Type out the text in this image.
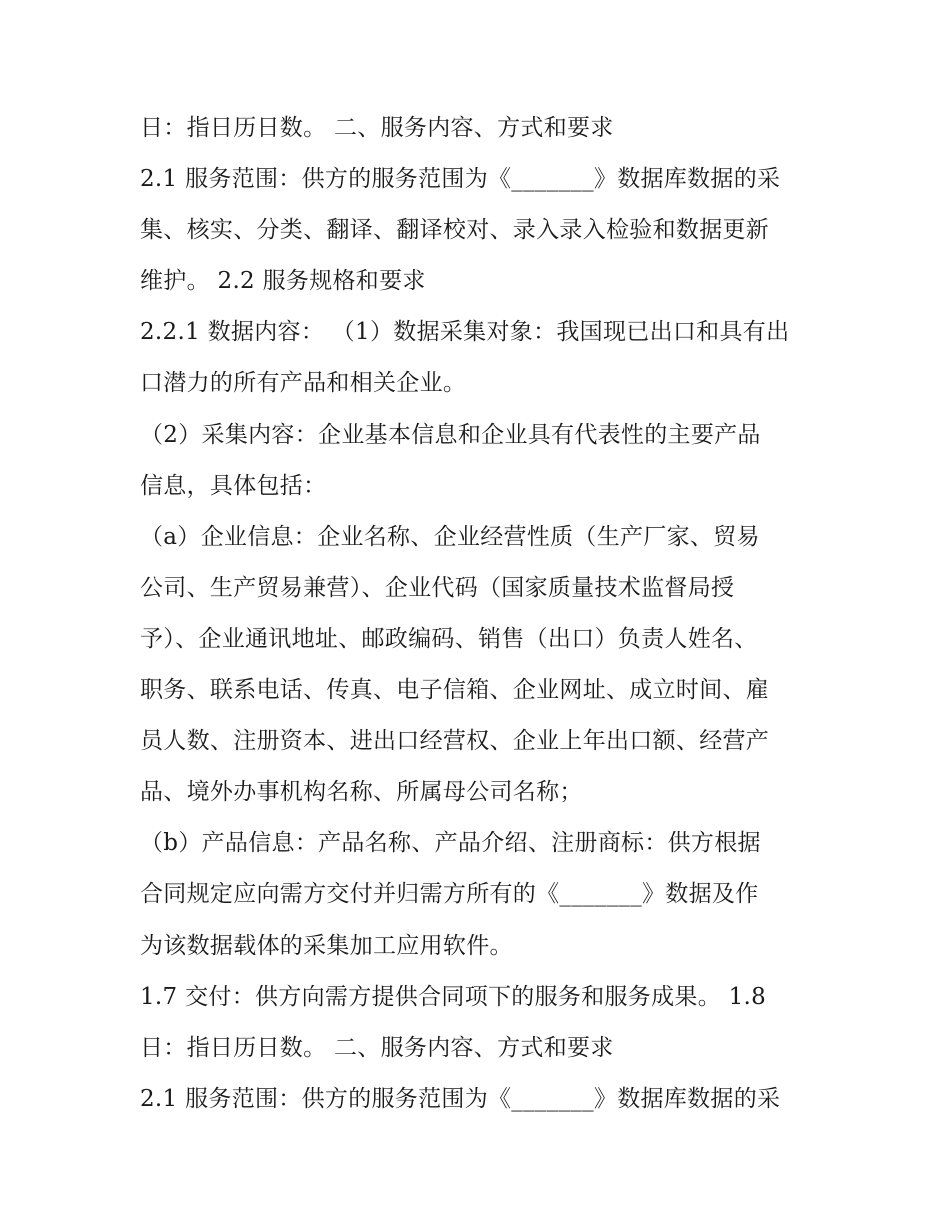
日：指日历日数。 二、服务内容、方式和要求
2.1 服务范围：供方的服务范围为《_______》数据库数据的采
集、核实、分类、翻译、翻译校对、录入录入检验和数据更新
维护。 2.2 服务规格和要求
2.2.1 数据内容： （1）数据采集对象：我国现已出口和具有出
口潜力的所有产品和相关企业。
（2）采集内容：企业基本信息和企业具有代表性的主要产品
信息，具体包括：
（a）企业信息：企业名称、企业经营性质（生产厂家、贸易
公司、生产贸易兼营）、企业代码（国家质量技术监督局授
予）、企业通讯地址、邮政编码、销售（出口）负责人姓名、
职务、联系电话、传真、电子信箱、企业网址、成立时间、雇
员人数、注册资本、进出口经营权、企业上年出口额、经营产
品、境外办事机构名称、所属母公司名称；
（b）产品信息：产品名称、产品介绍、注册商标：供方根据
合同规定应向需方交付并归需方所有的《_______》数据及作
为该数据载体的采集加工应用软件。
1.7 交付：供方向需方提供合同项下的服务和服务成果。 1.8
日：指日历日数。 二、服务内容、方式和要求
2.1 服务范围：供方的服务范围为《_______》数据库数据的采
